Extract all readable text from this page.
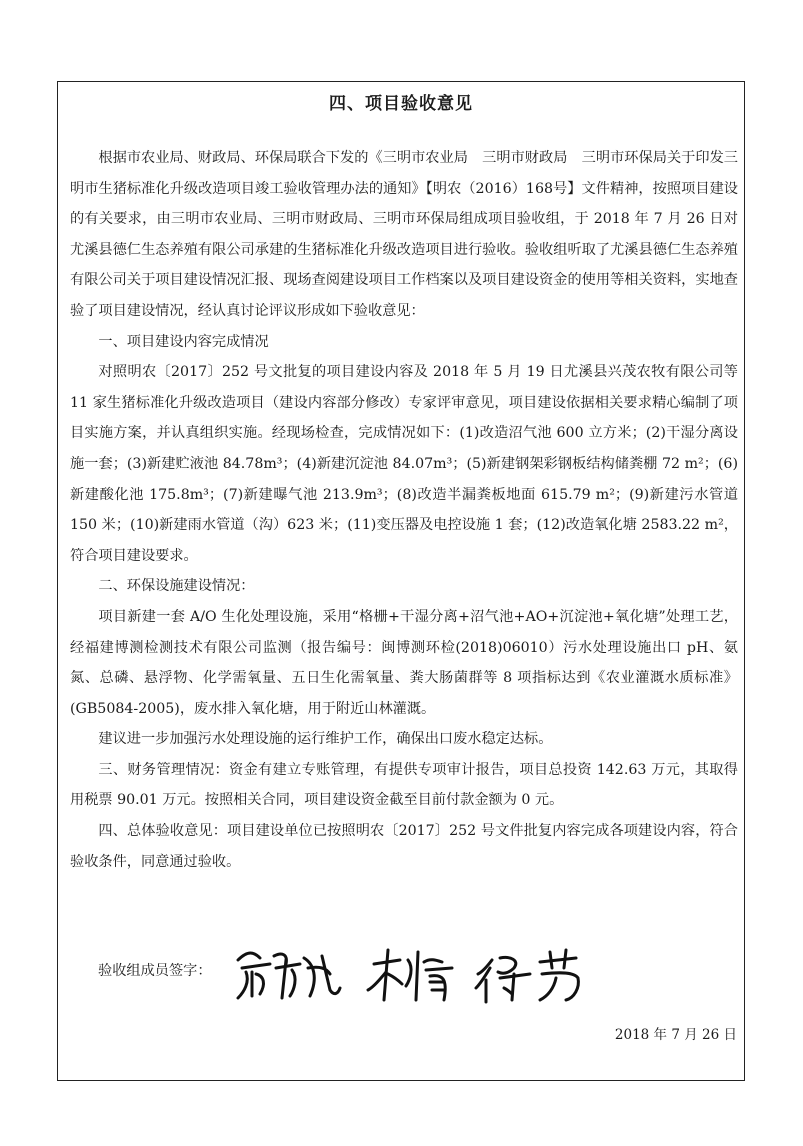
四、项目验收意见

根据市农业局、财政局、环保局联合下发的《三明市农业局　三明市财政局　三明市环保局关于印发三明市生猪标准化升级改造项目竣工验收管理办法的通知》【明农（2016）168号】文件精神，按照项目建设的有关要求，由三明市农业局、三明市财政局、三明市环保局组成项目验收组，于 2018 年 7 月 26 日对尤溪县德仁生态养殖有限公司承建的生猪标准化升级改造项目进行验收。验收组听取了尤溪县德仁生态养殖有限公司关于项目建设情况汇报、现场查阅建设项目工作档案以及项目建设资金的使用等相关资料，实地查验了项目建设情况，经认真讨论评议形成如下验收意见：

一、项目建设内容完成情况

对照明农〔2017〕252 号文批复的项目建设内容及 2018 年 5 月 19 日尤溪县兴茂农牧有限公司等 11 家生猪标准化升级改造项目（建设内容部分修改）专家评审意见，项目建设依据相关要求精心编制了项目实施方案，并认真组织实施。经现场检查，完成情况如下：(1)改造沼气池 600 立方米；(2)干湿分离设施一套；(3)新建贮液池 84.78m³；(4)新建沉淀池 84.07m³；(5)新建钢架彩钢板结构储粪棚 72 m²；(6)新建酸化池 175.8m³；(7)新建曝气池 213.9m³；(8)改造半漏粪板地面 615.79 m²；(9)新建污水管道 150 米；(10)新建雨水管道（沟）623 米；(11)变压器及电控设施 1 套；(12)改造氧化塘 2583.22 m²，符合项目建设要求。

二、环保设施建设情况：

项目新建一套 A/O 生化处理设施，采用“格栅+干湿分离+沼气池+AO+沉淀池+氧化塘”处理工艺，经福建博测检测技术有限公司监测（报告编号：闽博测环检(2018)06010）污水处理设施出口 pH、氨氮、总磷、悬浮物、化学需氧量、五日生化需氧量、粪大肠菌群等 8 项指标达到《农业灌溉水质标准》(GB5084-2005)，废水排入氧化塘，用于附近山林灌溉。

建议进一步加强污水处理设施的运行维护工作，确保出口废水稳定达标。

三、财务管理情况：资金有建立专账管理，有提供专项审计报告，项目总投资 142.63 万元，其取得用税票 90.01 万元。按照相关合同，项目建设资金截至目前付款金额为 0 元。

四、总体验收意见：项目建设单位已按照明农〔2017〕252 号文件批复内容完成各项建设内容，符合验收条件，同意通过验收。

验收组成员签字：
2018 年 7 月 26 日
